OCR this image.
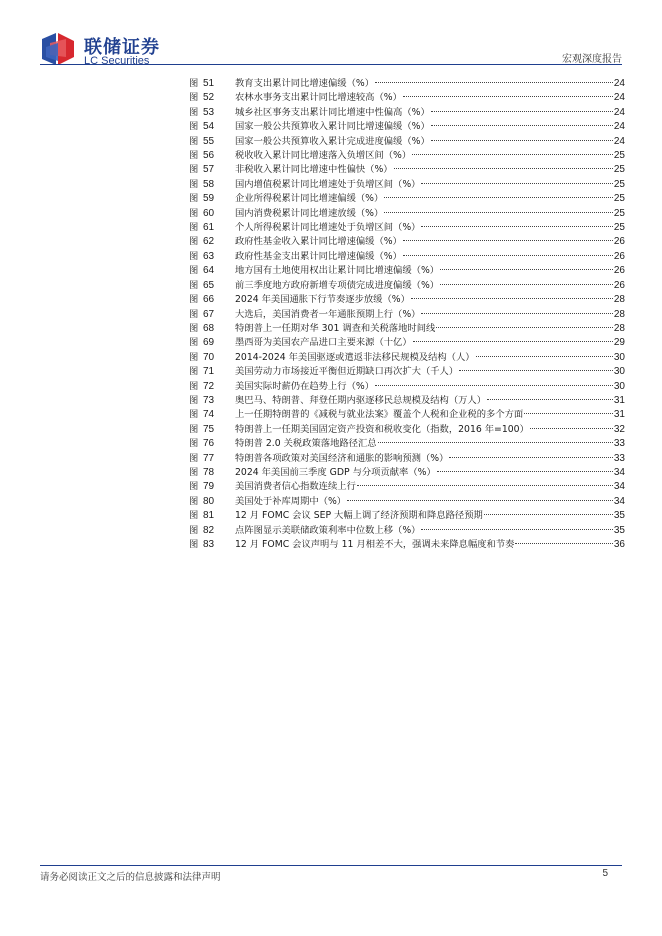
联储证券
LC Securities	宏观深度报告
图 51	教育支出累计同比增速偏缓（%）	24
图 52	农林水事务支出累计同比增速较高（%）	24
图 53	城乡社区事务支出累计同比增速中性偏高（%）	24
图 54	国家一般公共预算收入累计同比增速偏缓（%）	24
图 55	国家一般公共预算收入累计完成进度偏缓（%）	24
图 56	税收收入累计同比增速落入负增区间（%）	25
图 57	非税收入累计同比增速中性偏快（%）	25
图 58	国内增值税累计同比增速处于负增区间（%）	25
图 59	企业所得税累计同比增速偏缓（%）	25
图 60	国内消费税累计同比增速放缓（%）	25
图 61	个人所得税累计同比增速处于负增区间（%）	25
图 62	政府性基金收入累计同比增速偏缓（%）	26
图 63	政府性基金支出累计同比增速偏缓（%）	26
图 64	地方国有土地使用权出让累计同比增速偏缓（%）	26
图 65	前三季度地方政府新增专项债完成进度偏缓（%）	26
图 66	2024 年美国通胀下行节奏逐步放缓（%）	28
图 67	大选后，美国消费者一年通胀预期上行（%）	28
图 68	特朗普上一任期对华 301 调查和关税落地时间线	28
图 69	墨西哥为美国农产品进口主要来源（十亿）	29
图 70	2014-2024 年美国驱逐或遣返非法移民规模及结构（人）	30
图 71	美国劳动力市场接近平衡但近期缺口再次扩大（千人）	30
图 72	美国实际时薪仍在趋势上行（%）	30
图 73	奥巴马、特朗普、拜登任期内驱逐移民总规模及结构（万人）	31
图 74	上一任期特朗普的《减税与就业法案》覆盖个人税和企业税的多个方面	31
图 75	特朗普上一任期美国固定资产投资和税收变化（指数，2016 年=100）	32
图 76	特朗普 2.0 关税政策落地路径汇总	33
图 77	特朗普各项政策对美国经济和通胀的影响预测（%）	33
图 78	2024 年美国前三季度 GDP 与分项贡献率（%）	34
图 79	美国消费者信心指数连续上行	34
图 80	美国处于补库周期中（%）	34
图 81	12 月 FOMC 会议 SEP 大幅上调了经济预期和降息路径预期	35
图 82	点阵图显示美联储政策利率中位数上移（%）	35
图 83	12 月 FOMC 会议声明与 11 月相差不大，强调未来降息幅度和节奏	36
请务必阅读正文之后的信息披露和法律声明	5
